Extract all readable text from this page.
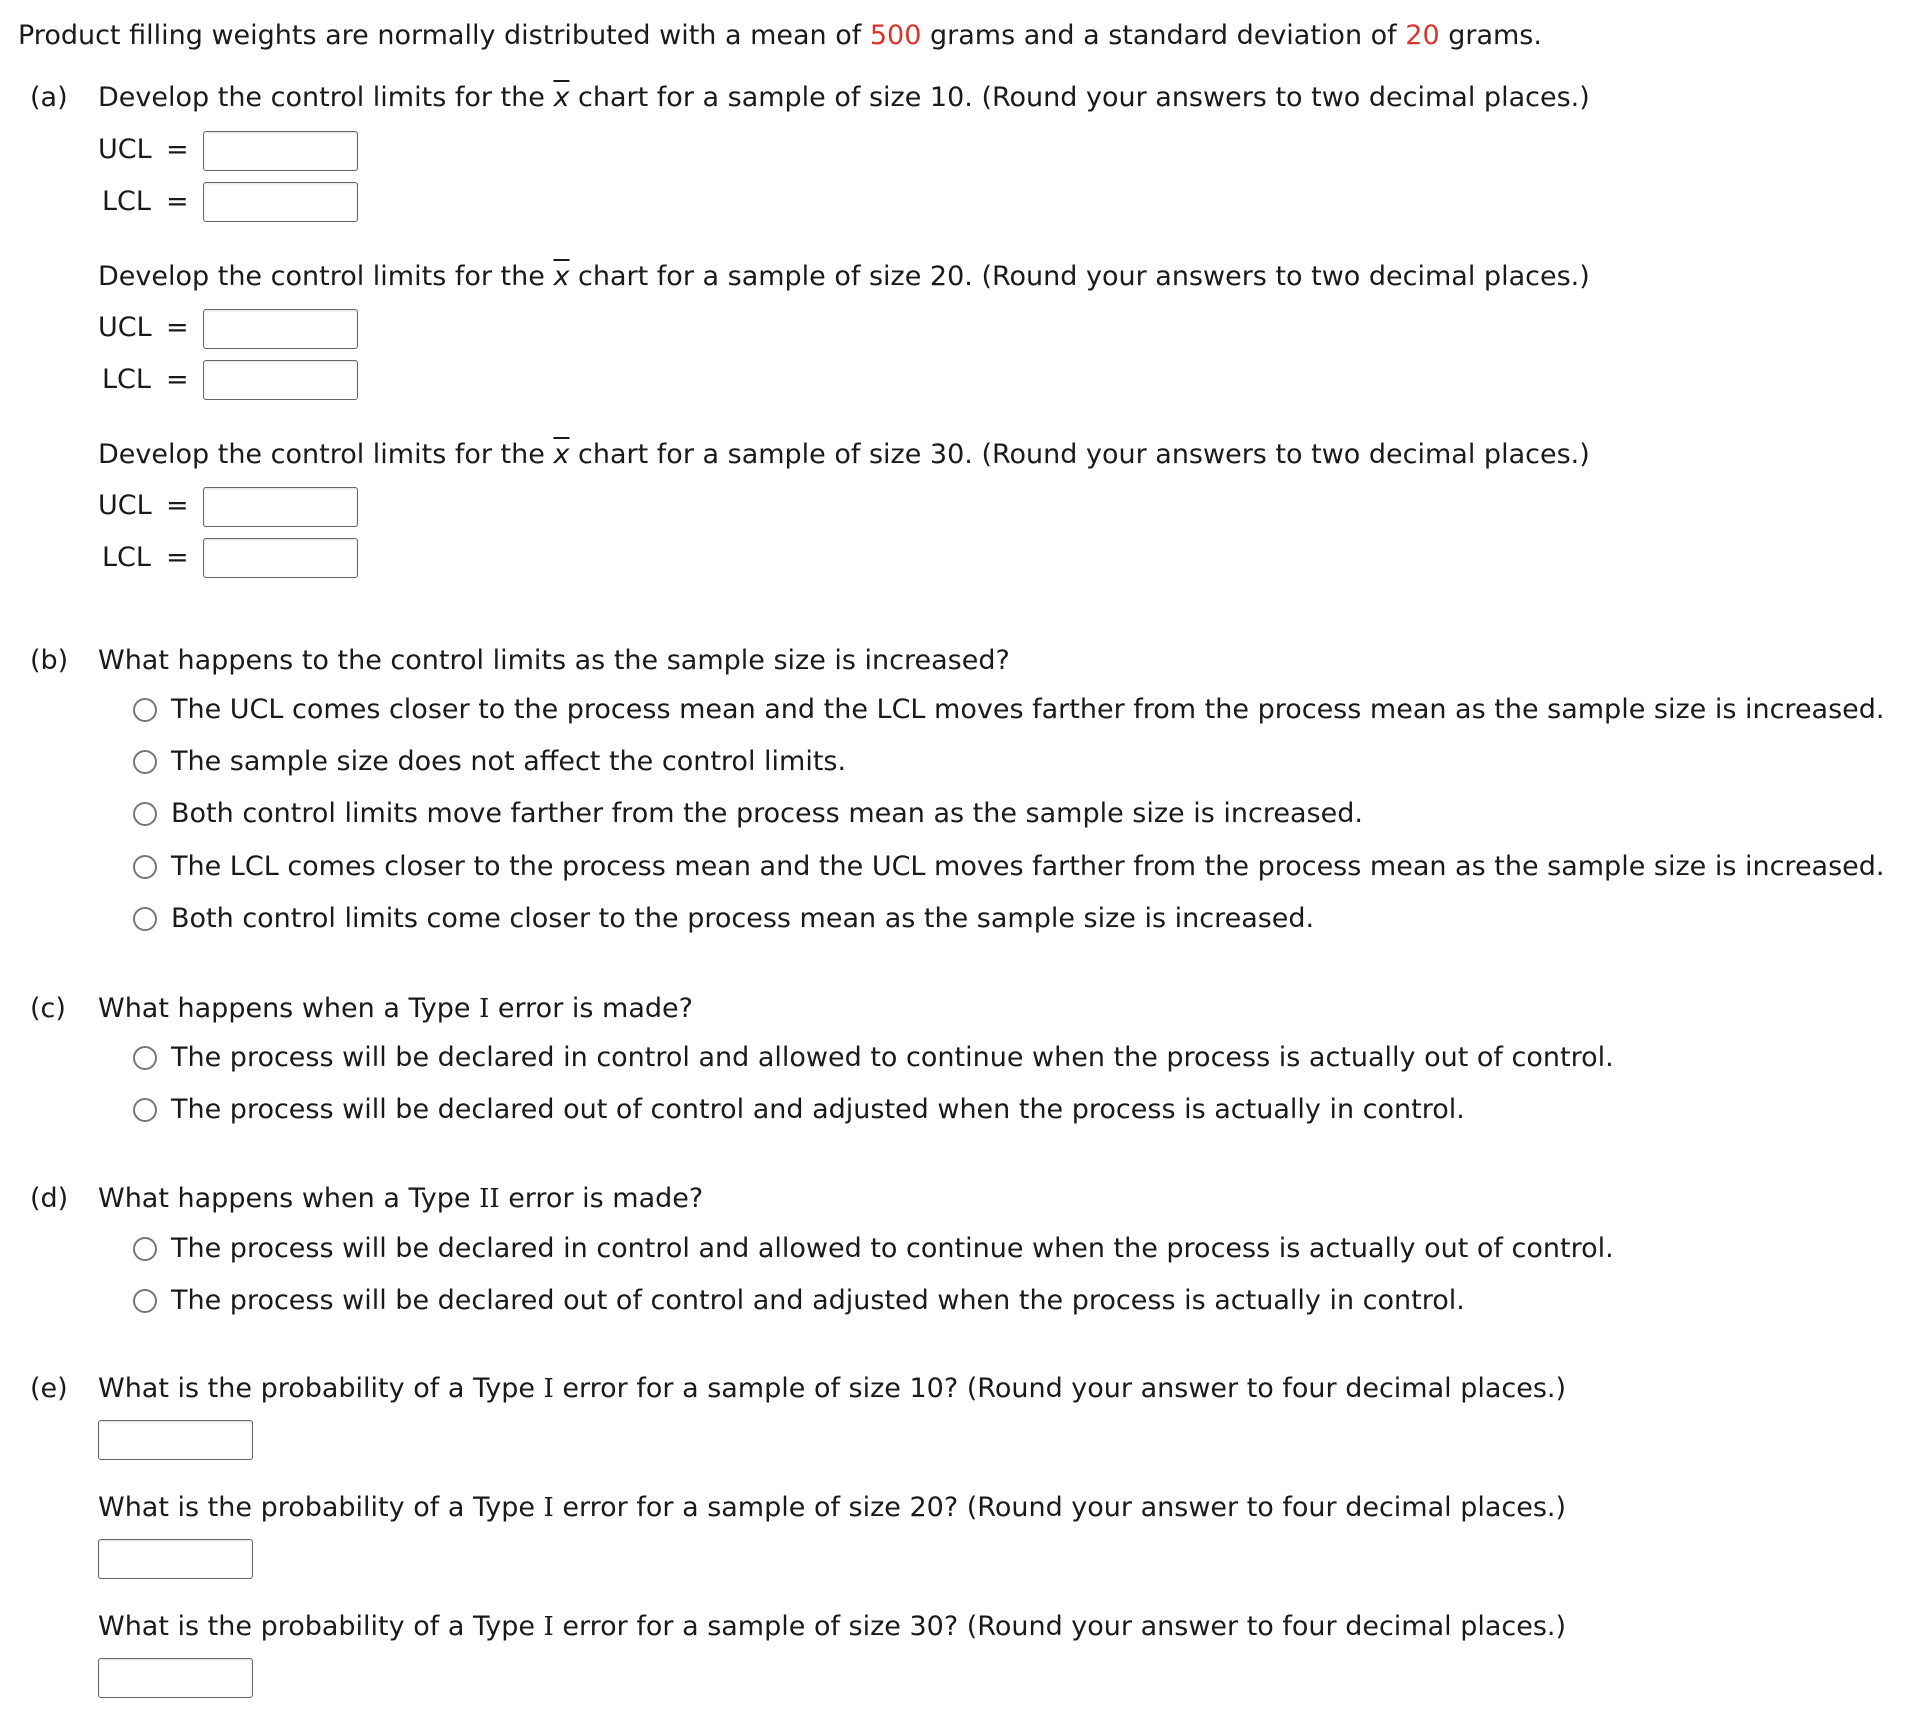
Product filling weights are normally distributed with a mean of 500 grams and a standard deviation of 20 grams.
(a) Develop the control limits for the $\overline{x}$ chart for a sample of size 10. (Round your answers to two decimal places.)
UCL =
LCL =
Develop the control limits for the $\overline{x}$ chart for a sample of size 20. (Round your answers to two decimal places.)
UCL =
LCL =
Develop the control limits for the $\overline{x}$ chart for a sample of size 30. (Round your answers to two decimal places.)
UCL =
LCL =
(b) What happens to the control limits as the sample size is increased?
The UCL comes closer to the process mean and the LCL moves farther from the process mean as the sample size is increased.
The sample size does not affect the control limits.
Both control limits move farther from the process mean as the sample size is increased.
The LCL comes closer to the process mean and the UCL moves farther from the process mean as the sample size is increased.
Both control limits come closer to the process mean as the sample size is increased.
(c) What happens when a Type I error is made?
The process will be declared in control and allowed to continue when the process is actually out of control.
The process will be declared out of control and adjusted when the process is actually in control.
(d) What happens when a Type II error is made?
The process will be declared in control and allowed to continue when the process is actually out of control.
The process will be declared out of control and adjusted when the process is actually in control.
(e) What is the probability of a Type I error for a sample of size 10? (Round your answer to four decimal places.)
What is the probability of a Type I error for a sample of size 20? (Round your answer to four decimal places.)
What is the probability of a Type I error for a sample of size 30? (Round your answer to four decimal places.)
